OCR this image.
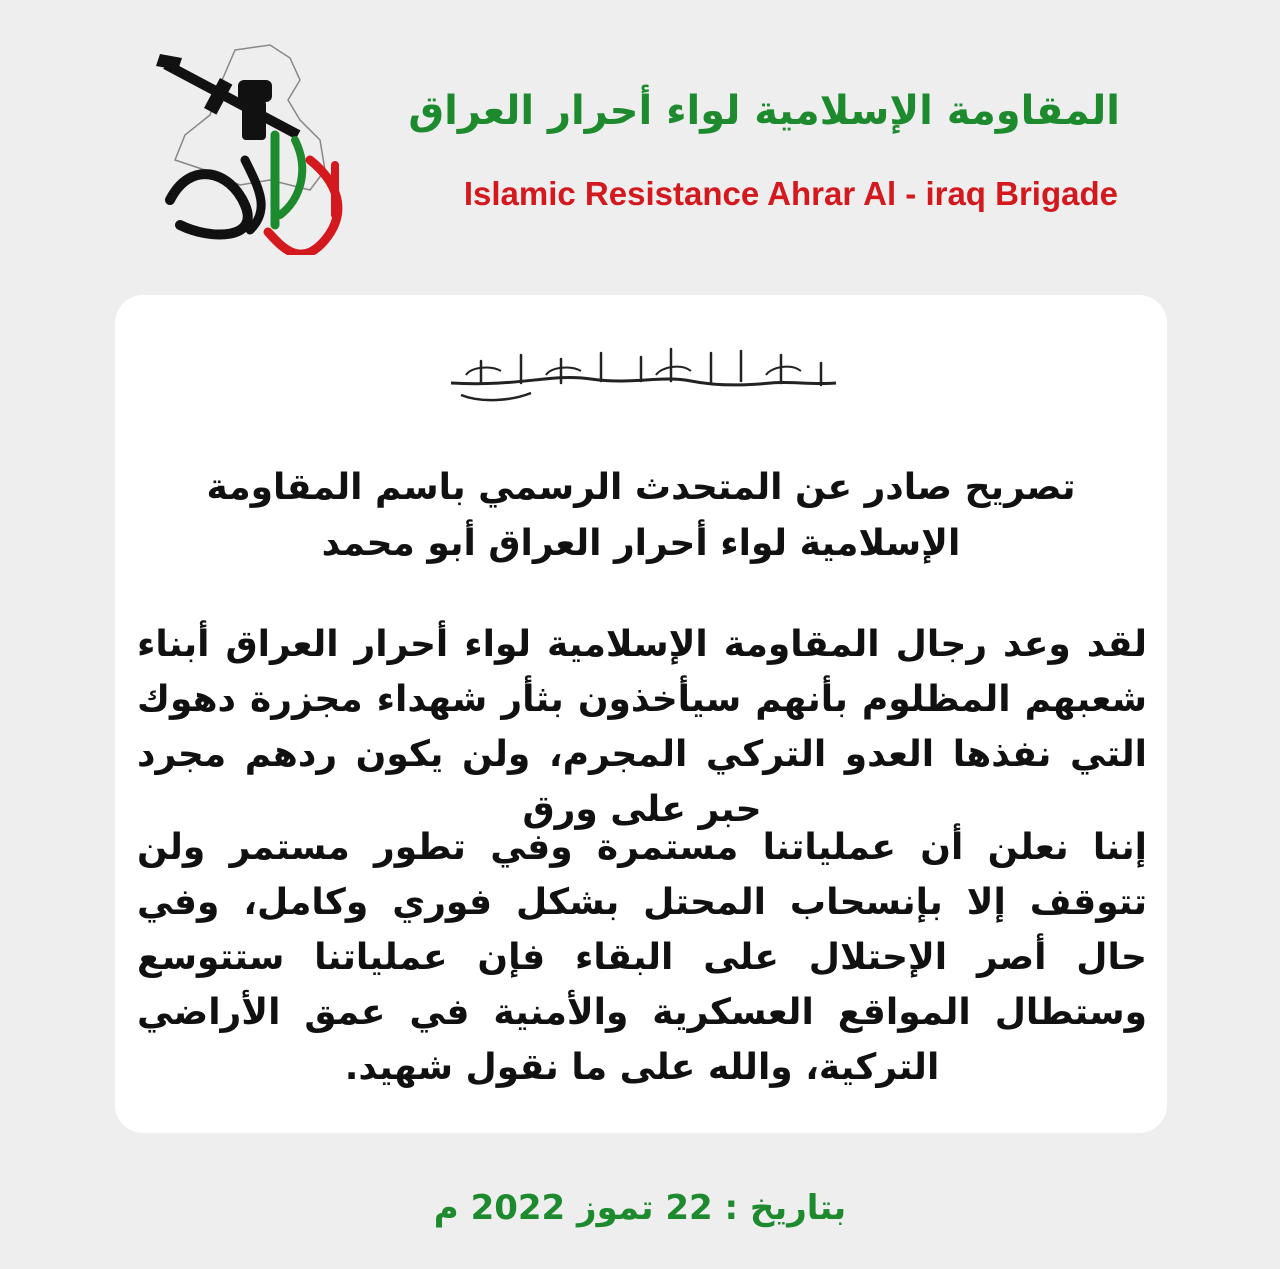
المقاومة الإسلامية لواء أحرار العراق
Islamic Resistance Ahrar Al - iraq Brigade
تصريح صادر عن المتحدث الرسمي باسم المقاومة الإسلامية لواء أحرار العراق أبو محمد
لقد وعد رجال المقاومة الإسلامية لواء أحرار العراق أبناء شعبهم المظلوم بأنهم سيأخذون بثأر شهداء مجزرة دهوك التي نفذها العدو التركي المجرم، ولن يكون ردهم مجرد حبر على ورق
إننا نعلن أن عملياتنا مستمرة وفي تطور مستمر ولن تتوقف إلا بإنسحاب المحتل بشكل فوري وكامل، وفي حال أصر الإحتلال على البقاء فإن عملياتنا ستتوسع وستطال المواقع العسكرية والأمنية في عمق الأراضي التركية، والله على ما نقول شهيد.
بتاريخ : 22 تموز 2022 م
